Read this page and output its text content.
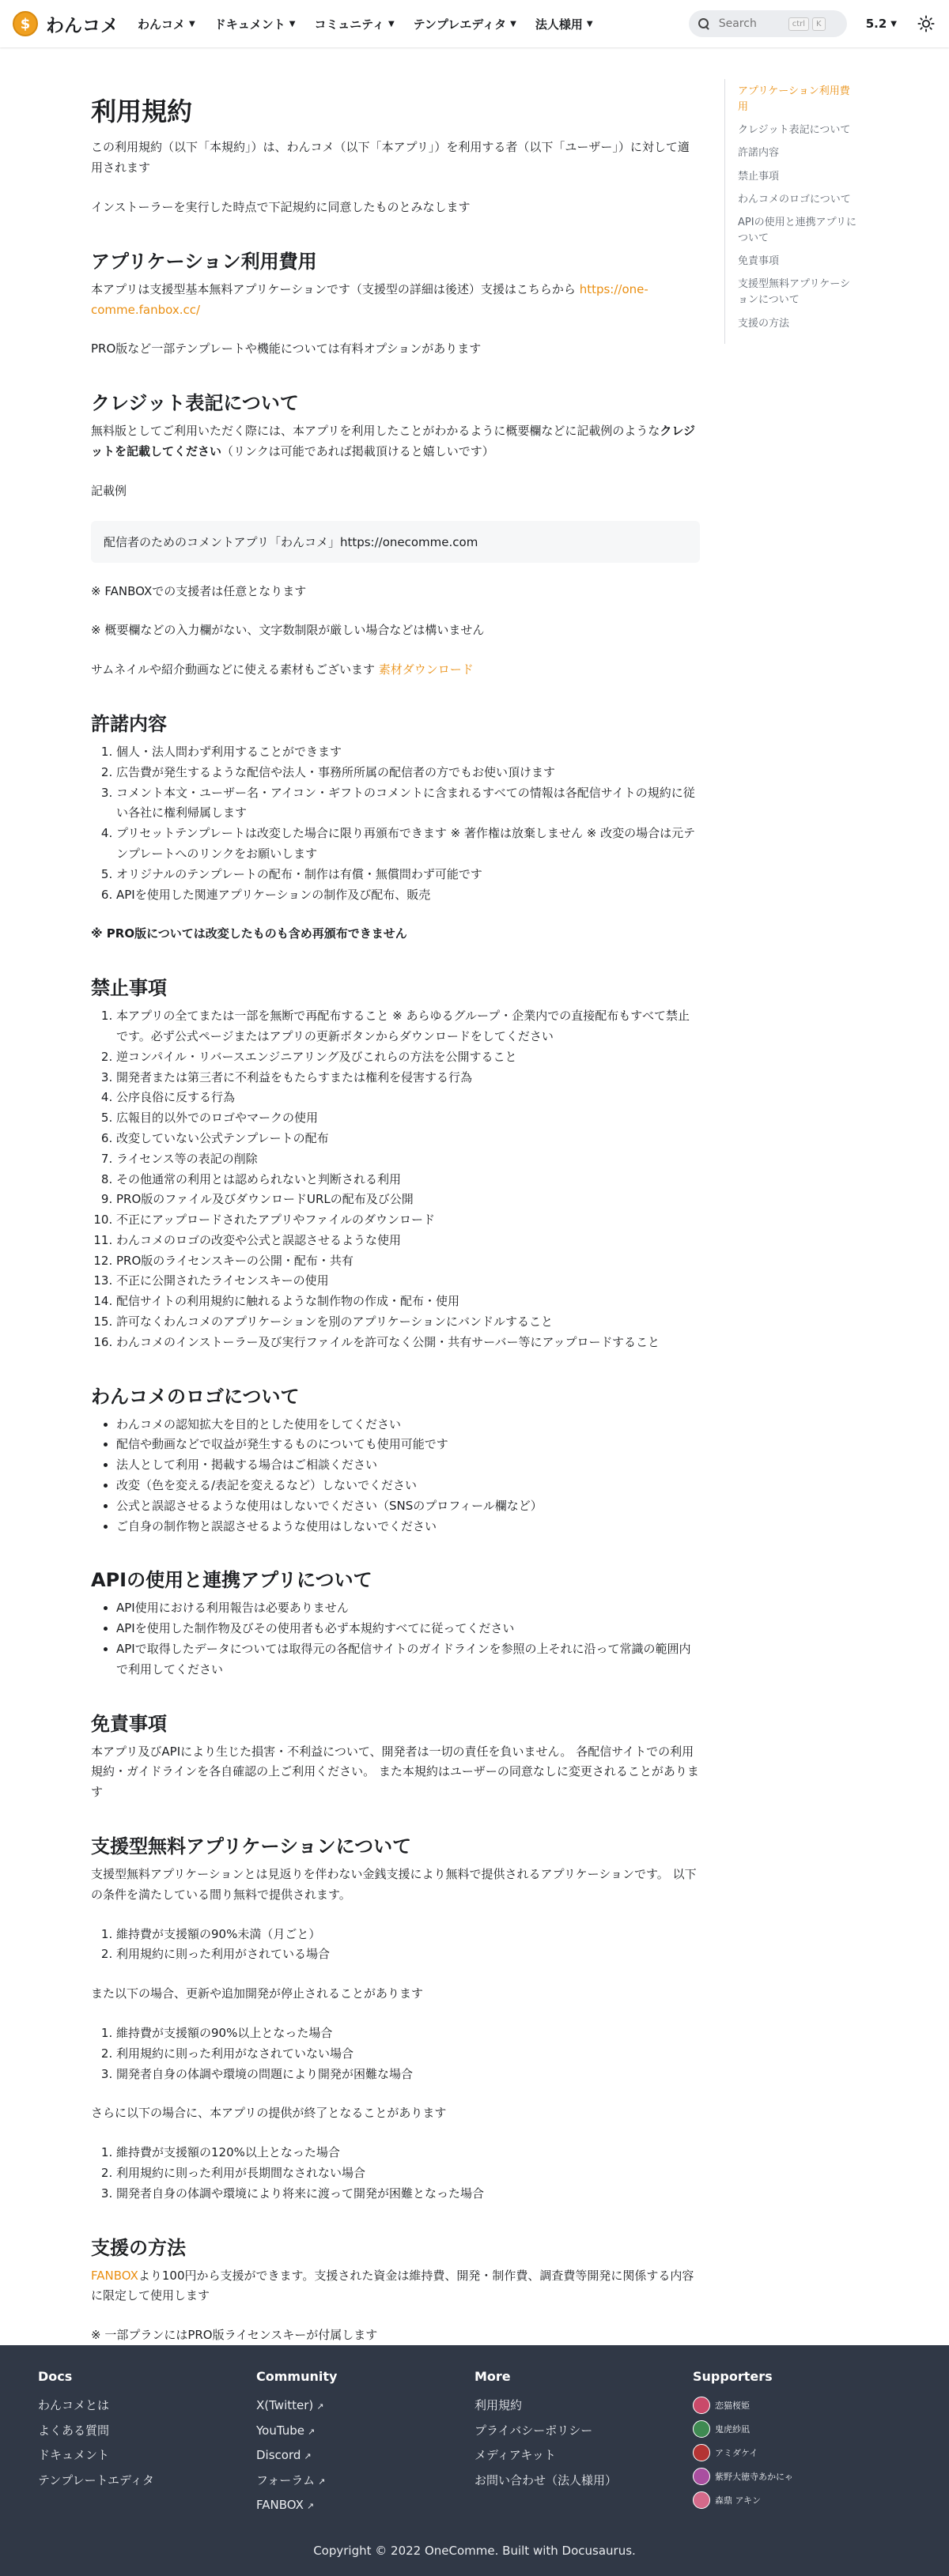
$ わんコメ わんコメ ▼ ドキュメント ▼ コミュニティ ▼ テンプレエディタ ▼ 法人様用 ▼
Search	ctrl	K	5.2 ▼
利用規約

この利用規約（以下「本規約」）は、わんコメ（以下「本アプリ」）を利用する者（以下「ユーザー」）に対して適用されます

インストーラーを実行した時点で下記規約に同意したものとみなします

アプリケーション利用費用

本アプリは支援型基本無料アプリケーションです（支援型の詳細は後述）支援はこちらから https://one-comme.fanbox.cc/

PRO版など一部テンプレートや機能については有料オプションがあります

クレジット表記について

無料版としてご利用いただく際には、本アプリを利用したことがわかるように概要欄などに記載例のようなクレジットを記載してください（リンクは可能であれば掲載頂けると嬉しいです）

記載例

配信者のためのコメントアプリ「わんコメ」https://onecomme.com

※ FANBOXでの支援者は任意となります

※ 概要欄などの入力欄がない、文字数制限が厳しい場合などは構いません

サムネイルや紹介動画などに使える素材もございます 素材ダウンロード

許諾内容
1. 個人・法人問わず利用することができます
2. 広告費が発生するような配信や法人・事務所所属の配信者の方でもお使い頂けます
3. コメント本文・ユーザー名・アイコン・ギフトのコメントに含まれるすべての情報は各配信サイトの規約に従い各社に権利帰属します
4. プリセットテンプレートは改変した場合に限り再頒布できます ※ 著作権は放棄しません ※ 改変の場合は元テンプレートへのリンクをお願いします
5. オリジナルのテンプレートの配布・制作は有償・無償問わず可能です
6. APIを使用した関連アプリケーションの制作及び配布、販売

※ PRO版については改変したものも含め再頒布できません

禁止事項
1. 本アプリの全てまたは一部を無断で再配布すること ※ あらゆるグループ・企業内での直接配布もすべて禁止です。必ず公式ページまたはアプリの更新ボタンからダウンロードをしてください
2. 逆コンパイル・リバースエンジニアリング及びこれらの方法を公開すること
3. 開発者または第三者に不利益をもたらすまたは権利を侵害する行為
4. 公序良俗に反する行為
5. 広報目的以外でのロゴやマークの使用
6. 改変していない公式テンプレートの配布
7. ライセンス等の表記の削除
8. その他通常の利用とは認められないと判断される利用
9. PRO版のファイル及びダウンロードURLの配布及び公開
10. 不正にアップロードされたアプリやファイルのダウンロード
11. わんコメのロゴの改変や公式と誤認させるような使用
12. PRO版のライセンスキーの公開・配布・共有
13. 不正に公開されたライセンスキーの使用
14. 配信サイトの利用規約に触れるような制作物の作成・配布・使用
15. 許可なくわんコメのアプリケーションを別のアプリケーションにバンドルすること
16. わんコメのインストーラー及び実行ファイルを許可なく公開・共有サーバー等にアップロードすること
わんコメのロゴについて
• わんコメの認知拡大を目的とした使用をしてください
• 配信や動画などで収益が発生するものについても使用可能です
• 法人として利用・掲載する場合はご相談ください
• 改変（色を変える/表記を変えるなど）しないでください
• 公式と誤認させるような使用はしないでください（SNSのプロフィール欄など）
• ご自身の制作物と誤認させるような使用はしないでください
APIの使用と連携アプリについて
• API使用における利用報告は必要ありません
• APIを使用した制作物及びその使用者も必ず本規約すべてに従ってください
• APIで取得したデータについては取得元の各配信サイトのガイドラインを参照の上それに沿って常識の範囲内で利用してください
免責事項

本アプリ及びAPIにより生じた損害・不利益について、開発者は一切の責任を負いません。 各配信サイトでの利用規約・ガイドラインを各自確認の上ご利用ください。 また本規約はユーザーの同意なしに変更されることがあります

支援型無料アプリケーションについて

支援型無料アプリケーションとは見返りを伴わない金銭支援により無料で提供されるアプリケーションです。 以下の条件を満たしている間り無料で提供されます。

1. 維持費が支援額の90%未満（月ごと）
2. 利用規約に則った利用がされている場合

また以下の場合、更新や追加開発が停止されることがあります

1. 維持費が支援額の90%以上となった場合
2. 利用規約に則った利用がなされていない場合
3. 開発者自身の体調や環境の問題により開発が困難な場合

さらに以下の場合に、本アプリの提供が終了となることがあります

1. 維持費が支援額の120%以上となった場合
2. 利用規約に則った利用が長期間なされない場合
3. 開発者自身の体調や環境により将来に渡って開発が困難となった場合
支援の方法

FANBOXより100円から支援ができます。支援された資金は維持費、開発・制作費、調査費等開発に関係する内容に限定して使用します

※ 一部プランにはPRO版ライセンスキーが付属します

アプリケーション利用費用
クレジット表記について
許諾内容
禁止事項
わんコメのロゴについて
APIの使用と連携アプリについて
免責事項
支援型無料アプリケーションについて
支援の方法
Docs
わんコメとは
よくある質問
ドキュメント
テンプレートエディタ
Community
X(Twitter) ↗
YouTube ↗
Discord ↗
フォーラム ↗
FANBOX ↗
More
利用規約
プライバシーポリシー
メディアキット
お問い合わせ（法人様用）
Supporters
恋猫桜姫
鬼虎紗凪
アミダケイ
紫野大徳寺あかにゃ
森鼎 アキン
Copyright © 2022 OneComme. Built with Docusaurus.
